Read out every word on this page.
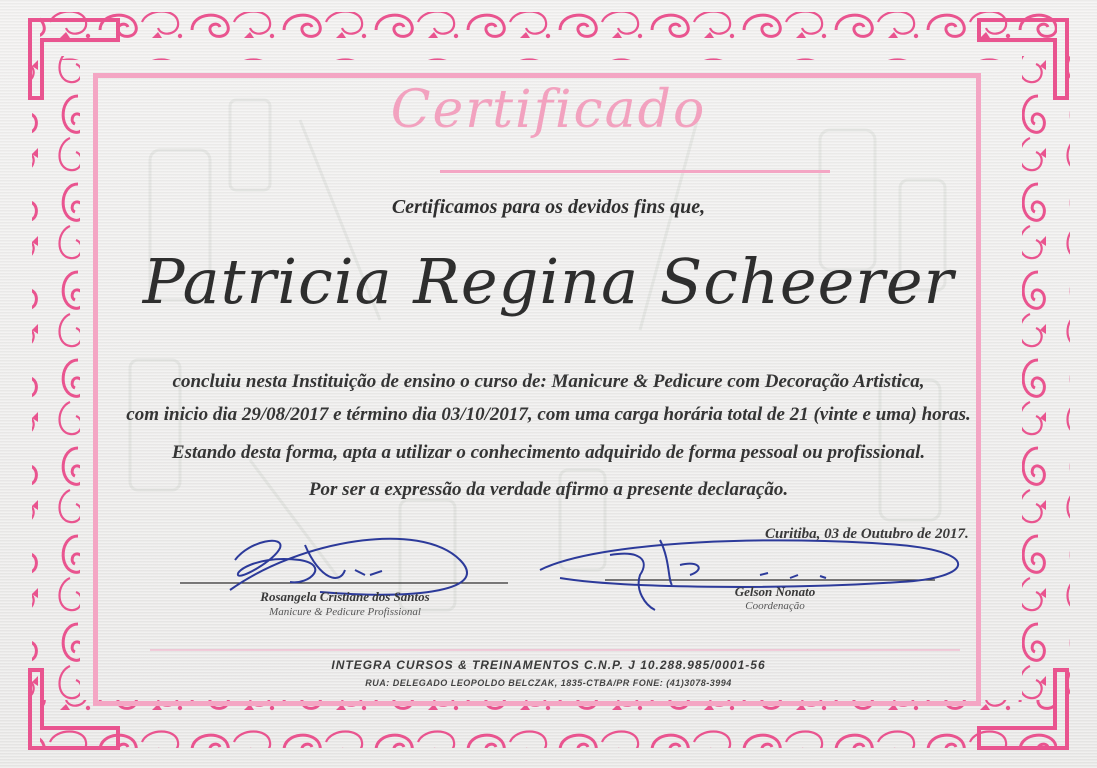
Certificado
Certificamos para os devidos fins que,
Patricia Regina Scheerer
concluiu nesta Instituição de ensino o curso de: Manicure & Pedicure com Decoração Artistica,
com inicio dia 29/08/2017 e término dia 03/10/2017, com uma carga horária total de 21 (vinte e uma) horas.
Estando desta forma, apta a utilizar o conhecimento adquirido de forma pessoal ou profissional.
Por ser a expressão da verdade afirmo a presente declaração.
Curitiba, 03 de Outubro de 2017.
Rosangela Cristiane dos Santos
Manicure & Pedicure Profissional
Gelson Nonato
Coordenação
INTEGRA CURSOS & TREINAMENTOS C.N.P. J 10.288.985/0001-56
RUA: DELEGADO LEOPOLDO BELCZAK, 1835-CTBA/PR FONE: (41)3078-3994
